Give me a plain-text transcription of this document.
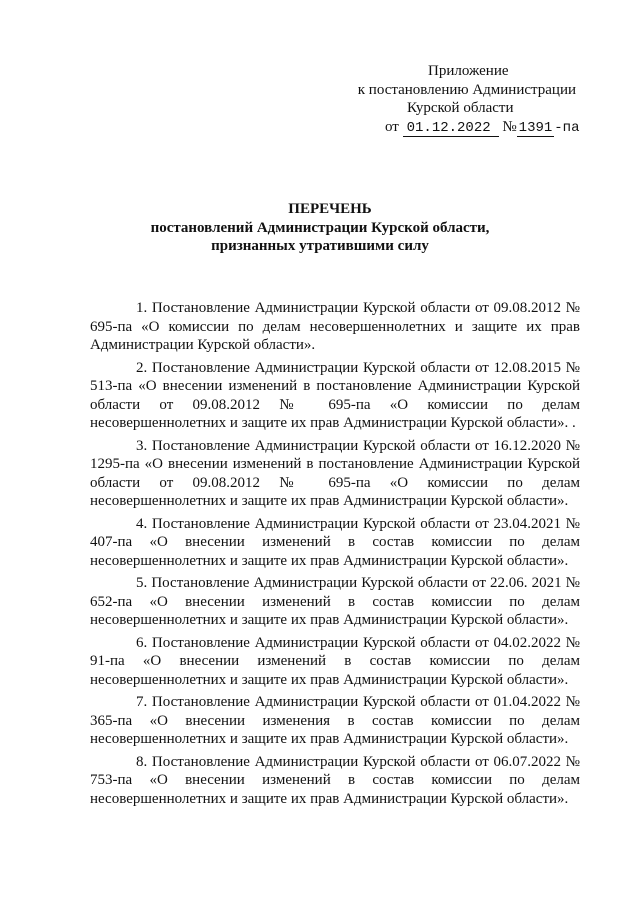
Приложение
к постановлению Администрации
Курской области
от 01.12.2022 № 1391 -па
ПЕРЕЧЕНЬ
постановлений Администрации Курской области,
признанных утратившими силу

1. Постановление Администрации Курской области от 09.08.2012 № 695-па «О комиссии по делам несовершеннолетних и защите их прав Администрации Курской области».

2. Постановление Администрации Курской области от 12.08.2015 № 513-па «О внесении изменений в постановление Администрации Курской области от 09.08.2012 № 695-па «О комиссии по делам несовершеннолетних и защите их прав Администрации Курской области». .

3. Постановление Администрации Курской области от 16.12.2020 № 1295-па «О внесении изменений в постановление Администрации Курской области от 09.08.2012 № 695-па «О комиссии по делам несовершеннолетних и защите их прав Администрации Курской области».

4. Постановление Администрации Курской области от 23.04.2021 № 407-па «О внесении изменений в состав комиссии по делам несовершеннолетних и защите их прав Администрации Курской области».

5. Постановление Администрации Курской области от 22.06. 2021 № 652-па «О внесении изменений в состав комиссии по делам несовершеннолетних и защите их прав Администрации Курской области».

6. Постановление Администрации Курской области от 04.02.2022 № 91-па «О внесении изменений в состав комиссии по делам несовершеннолетних и защите их прав Администрации Курской области».

7. Постановление Администрации Курской области от 01.04.2022 № 365-па «О внесении изменения в состав комиссии по делам несовершеннолетних и защите их прав Администрации Курской области».

8. Постановление Администрации Курской области от 06.07.2022 № 753-па «О внесении изменений в состав комиссии по делам несовершеннолетних и защите их прав Администрации Курской области».
